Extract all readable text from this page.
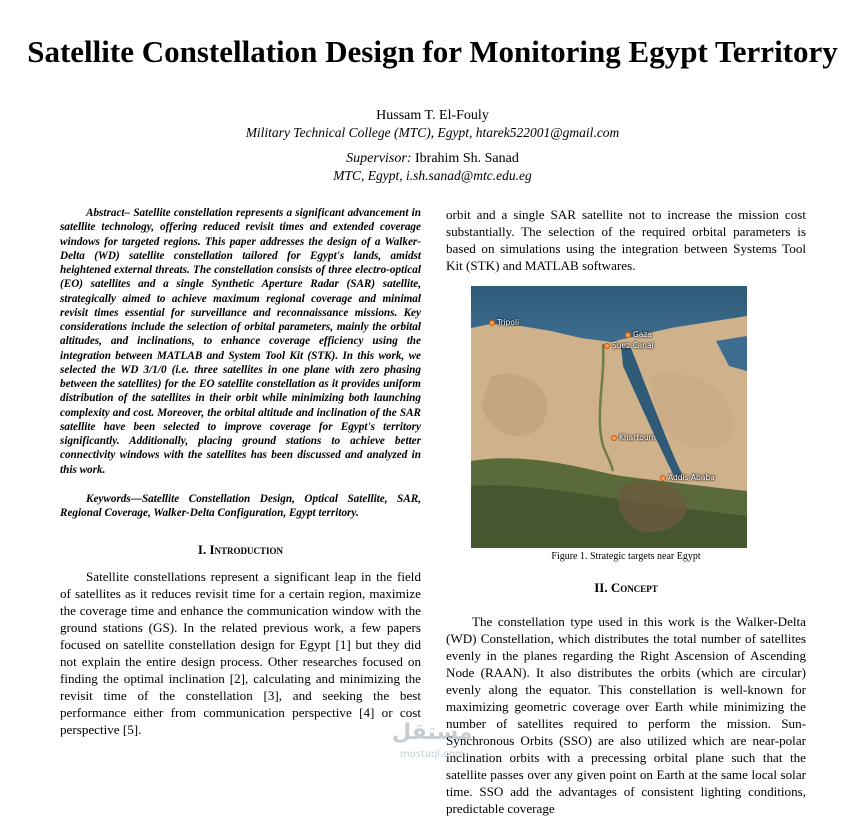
Satellite Constellation Design for Monitoring Egypt Territory
Hussam T. El-Fouly
Military Technical College (MTC), Egypt, htarek522001@gmail.com
Supervisor: Ibrahim Sh. Sanad
MTC, Egypt, i.sh.sanad@mtc.edu.eg

Abstract– Satellite constellation represents a significant advancement in satellite technology, offering reduced revisit times and extended coverage windows for targeted regions. This paper addresses the design of a Walker-Delta (WD) satellite constellation tailored for Egypt's lands, amidst heightened external threats. The constellation consists of three electro-optical (EO) satellites and a single Synthetic Aperture Radar (SAR) satellite, strategically aimed to achieve maximum regional coverage and minimal revisit times essential for surveillance and reconnaissance missions. Key considerations include the selection of orbital parameters, mainly the orbital altitudes, and inclinations, to enhance coverage efficiency using the integration between MATLAB and System Tool Kit (STK). In this work, we selected the WD 3/1/0 (i.e. three satellites in one plane with zero phasing between the satellites) for the EO satellite constellation as it provides uniform distribution of the satellites in their orbit while minimizing both launching complexity and cost. Moreover, the orbital altitude and inclination of the SAR satellite have been selected to improve coverage for Egypt's territory significantly. Additionally, placing ground stations to achieve better connectivity windows with the satellites has been discussed and analyzed in this work.

Keywords—Satellite Constellation Design, Optical Satellite, SAR, Regional Coverage, Walker-Delta Configuration, Egypt territory.

I. Introduction

Satellite constellations represent a significant leap in the field of satellites as it reduces revisit time for a certain region, maximize the coverage time and enhance the communication window with the ground stations (GS). In the related previous work, a few papers focused on satellite constellation design for Egypt [1] but they did not explain the entire design process. Other researches focused on finding the optimal inclination [2], calculating and minimizing the revisit time of the constellation [3], and seeking the best performance either from communication perspective [4] or cost perspective [5].

orbit and a single SAR satellite not to increase the mission cost substantially. The selection of the required orbital parameters is based on simulations using the integration between Systems Tool Kit (STK) and MATLAB softwares.

Tripoli
Gaza
Suez Canal
Khartoum
Addis Ababa

Figure 1. Strategic targets near Egypt

II. Concept

The constellation type used in this work is the Walker-Delta (WD) Constellation, which distributes the total number of satellites evenly in the planes regarding the Right Ascension of Ascending Node (RAAN). It also distributes the orbits (which are circular) evenly along the equator. This constellation is well-known for maximizing geometric coverage over Earth while minimizing the number of satellites required to perform the mission. Sun-Synchronous Orbits (SSO) are also utilized which are near-polar inclination orbits with a precessing orbital plane such that the satellite passes over any given point on Earth at the same local solar time. SSO add the advantages of consistent lighting conditions, predictable coverage

مستقل
mostaql.com
